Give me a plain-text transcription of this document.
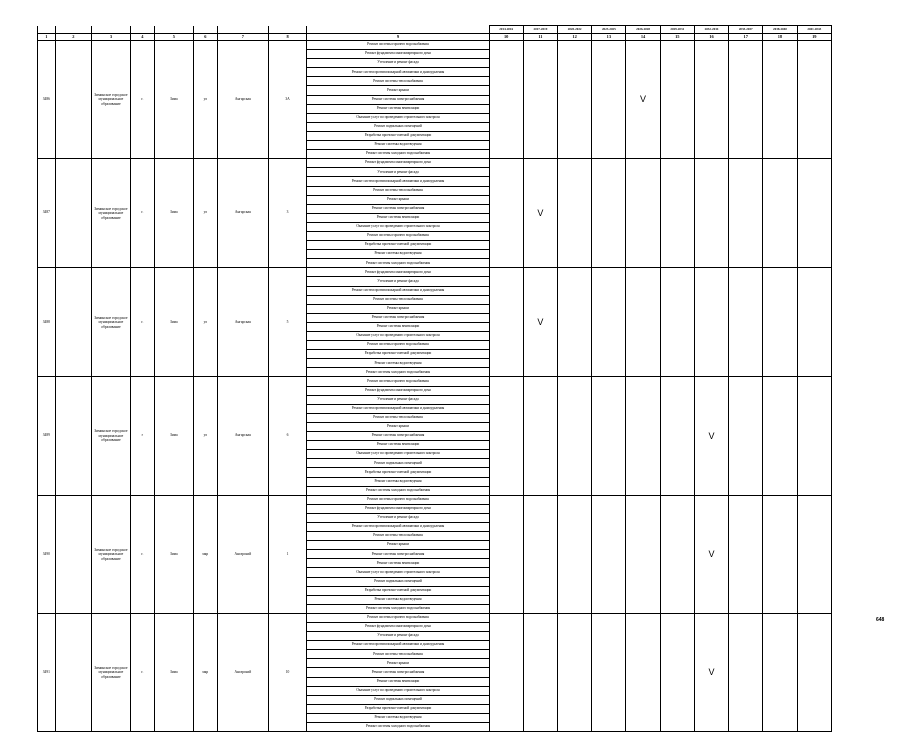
									2014-2016	2017-2019	2020-2022	2023-2025	2026-2028	2029-2031	2032-2034	2035-2037	2038-2040	2041-2043
1	2	3	4	5	6	7	8	9	10	11	12	13	14	15	16	17	18	19
3486		Зиминское городское муниципальное образование	г.	Зима	ул	Ангарская	3А	Ремонт системы горячего водоснабжения					V					
								Ремонт фундамента многоквартирного дома										
								Утепление и ремонт фасада										
								Ремонт систем противопожарной автоматики и дымоудаления										
								Ремонт системы теплоснабжения										
								Ремонт крыши										
								Ремонт системы электроснабжения										
								Ремонт системы вентиляции										
								Оказание услуг по проведению строительного контроля										
								Ремонт подвальных помещений										
								Разработка проектно-сметной документации										
								Ремонт системы водоотведения										
								Ремонт системы холодного водоснабжения										
3487		Зиминское городское муниципальное образование	г.	Зима	ул	Ангарская	3	Ремонт фундамента многоквартирного дома		V								
								Утепление и ремонт фасада										
								Ремонт систем противопожарной автоматики и дымоудаления										
								Ремонт системы теплоснабжения										
								Ремонт крыши										
								Ремонт системы электроснабжения										
								Ремонт системы вентиляции										
								Оказание услуг по проведению строительного контроля										
								Ремонт системы горячего водоснабжения										
								Разработка проектно-сметной документации										
								Ремонт системы водоотведения										
								Ремонт системы холодного водоснабжения										
3488		Зиминское городское муниципальное образование	г.	Зима	ул	Ангарская	5	Ремонт фундамента многоквартирного дома		V								
								Утепление и ремонт фасада										
								Ремонт систем противопожарной автоматики и дымоудаления										
								Ремонт системы теплоснабжения										
								Ремонт крыши										
								Ремонт системы электроснабжения										
								Ремонт системы вентиляции										
								Оказание услуг по проведению строительного контроля										
								Ремонт системы горячего водоснабжения										
								Разработка проектно-сметной документации										
								Ремонт системы водоотведения										
								Ремонт системы холодного водоснабжения										
3489		Зиминское городское муниципальное образование	г	Зима	ул	Ангарская	6	Ремонт системы горячего водоснабжения							V			
								Ремонт фундамента многоквартирного дома										
								Утепление и ремонт фасада										
								Ремонт систем противопожарной автоматики и дымоудаления										
								Ремонт системы теплоснабжения										
								Ремонт крыши										
								Ремонт системы электроснабжения										
								Ремонт системы вентиляции										
								Оказание услуг по проведению строительного контроля										
								Ремонт подвальных помещений										
								Разработка проектно-сметной документации										
								Ремонт системы водоотведения										
								Ремонт системы холодного водоснабжения										
3490		Зиминское городское муниципальное образование	г.	Зима	мкр	Ангарский	1	Ремонт системы горячего водоснабжения							V			
								Ремонт фундамента многоквартирного дома										
								Утепление и ремонт фасада										
								Ремонт систем противопожарной автоматики и дымоудаления										
								Ремонт системы теплоснабжения										
								Ремонт крыши										
								Ремонт системы электроснабжения										
								Ремонт системы вентиляции										
								Оказание услуг по проведению строительного контроля										
								Ремонт подвальных помещений										
								Разработка проектно-сметной документации										
								Ремонт системы водоотведения										
								Ремонт системы холодного водоснабжения										
3491		Зиминское городское муниципальное образование	г.	Зима	мкр	Ангарский	10	Ремонт системы горячего водоснабжения							V			
								Ремонт фундамента многоквартирного дома										
								Утепление и ремонт фасада										
								Ремонт систем противопожарной автоматики и дымоудаления										
								Ремонт системы теплоснабжения										
								Ремонт крыши										
								Ремонт системы электроснабжения										
								Ремонт системы вентиляции										
								Оказание услуг по проведению строительного контроля										
								Ремонт подвальных помещений										
								Разработка проектно-сметной документации										
								Ремонт системы водоотведения										
								Ремонт системы холодного водоснабжения										
648
